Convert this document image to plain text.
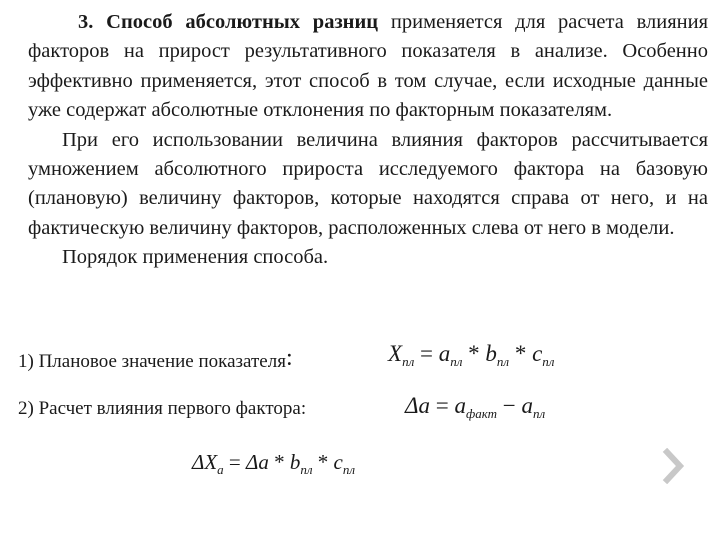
3. Способ абсолютных разниц применяется для расчета влияния факторов на прирост результативного показателя в анализе. Особенно эффективно применяется, этот способ в том случае, если исходные данные уже содержат абсолютные отклонения по факторным показателям.

При его использовании величина влияния факторов рассчитывается умножением абсолютного прироста исследуемого фактора на базовую (плановую) величину факторов, которые находятся справа от него, и на фактическую величину факторов, расположенных слева от него в модели.

Порядок применения способа.

1) Плановое значение показателя:	$X_{пл} = a_{пл} * b_{пл} * c_{пл}$
2) Расчет влияния первого фактора:	$\Delta a = a_{факт} - a_{пл}$
$\Delta X_a = \Delta a * b_{пл} * c_{пл}$
